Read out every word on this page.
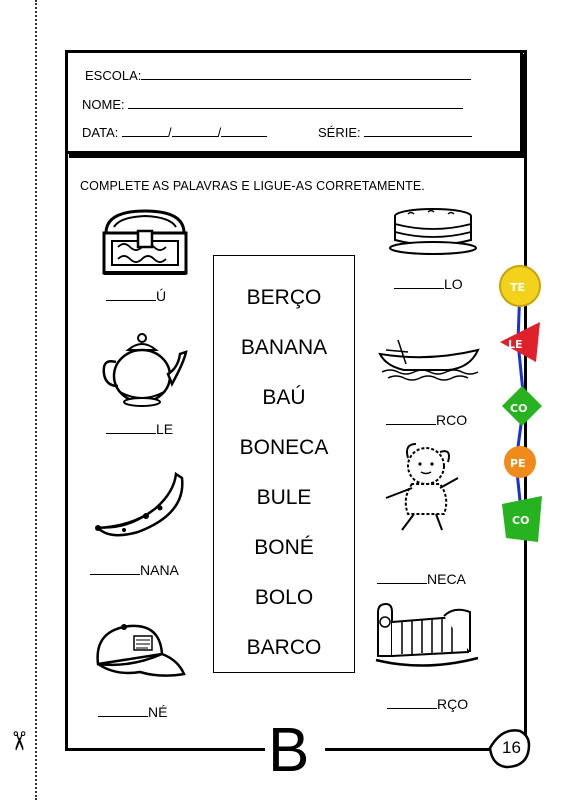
✂
ESCOLA:
NOME:
DATA:	/	/	SÉRIE:
COMPLETE AS PALAVRAS E LIGUE-AS CORRETAMENTE.
BERÇO
BANANA
BAÚ
BONECA
BULE
BONÉ
BOLO
BARCO
Ú
LE
NANA
NÉ
LO
RCO
NECA
RÇO
TE
LE
CO
PE
CO
B	16
